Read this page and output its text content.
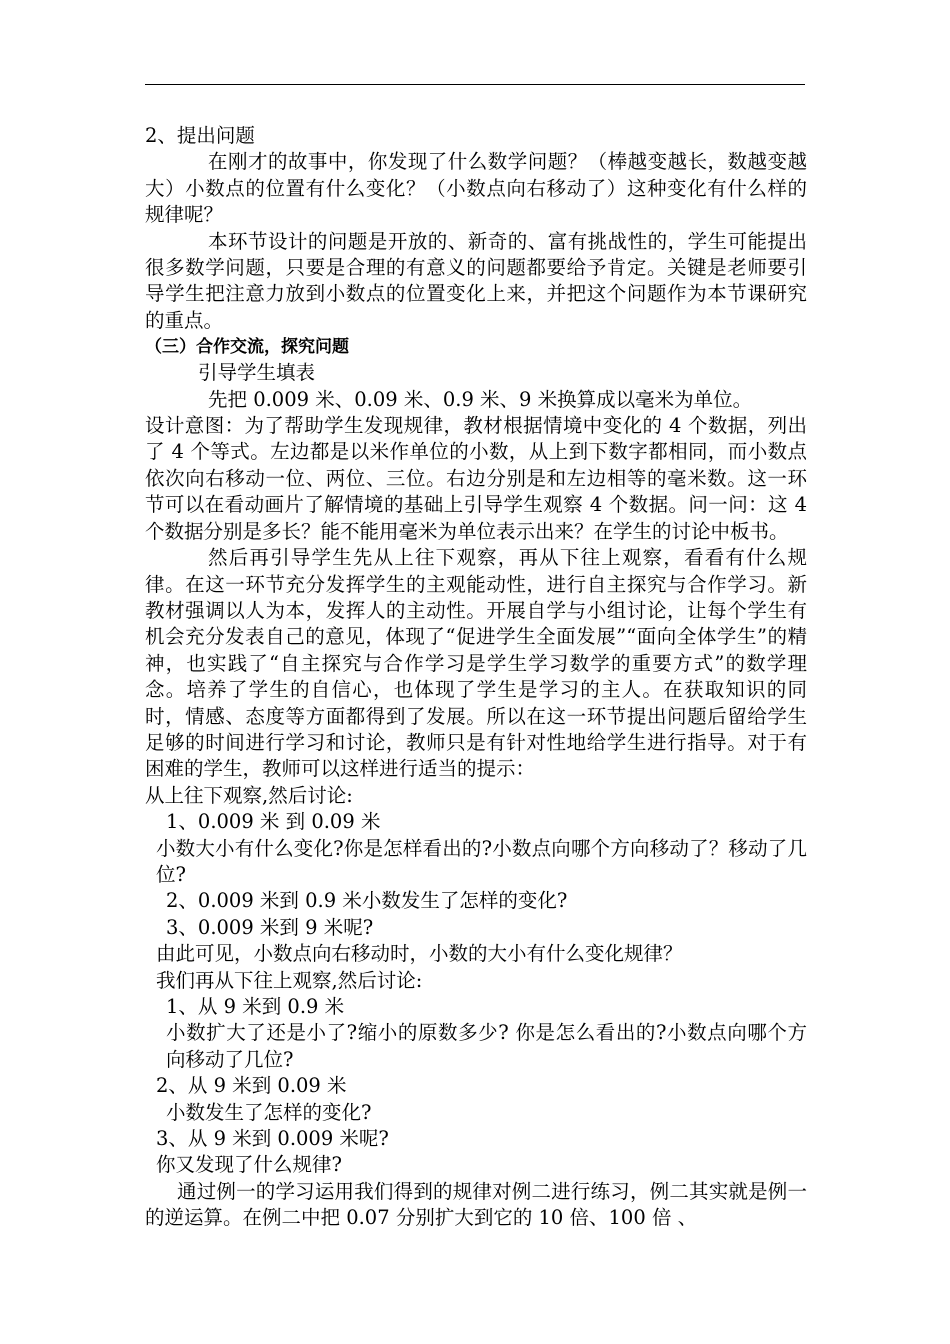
2、提出问题

在刚才的故事中，你发现了什么数学问题？（棒越变越长，数越变越大）小数点的位置有什么变化？（小数点向右移动了）这种变化有什么样的规律呢？

本环节设计的问题是开放的、新奇的、富有挑战性的，学生可能提出很多数学问题，只要是合理的有意义的问题都要给予肯定。关键是老师要引导学生把注意力放到小数点的位置变化上来，并把这个问题作为本节课研究的重点。

（三）合作交流，探究问题

引导学生填表

先把 0.009 米、0.09 米、0.9 米、9 米换算成以毫米为单位。

设计意图：为了帮助学生发现规律，教材根据情境中变化的 4 个数据，列出了 4 个等式。左边都是以米作单位的小数，从上到下数字都相同，而小数点依次向右移动一位、两位、三位。右边分别是和左边相等的毫米数。这一环节可以在看动画片了解情境的基础上引导学生观察 4 个数据。问一问：这 4 个数据分别是多长？能不能用毫米为单位表示出来？在学生的讨论中板书。

然后再引导学生先从上往下观察，再从下往上观察，看看有什么规律。在这一环节充分发挥学生的主观能动性，进行自主探究与合作学习。新教材强调以人为本，发挥人的主动性。开展自学与小组讨论，让每个学生有机会充分发表自己的意见，体现了“促进学生全面发展”“面向全体学生”的精神，也实践了“自主探究与合作学习是学生学习数学的重要方式”的数学理念。培养了学生的自信心，也体现了学生是学习的主人。在获取知识的同时，情感、态度等方面都得到了发展。所以在这一环节提出问题后留给学生足够的时间进行学习和讨论，教师只是有针对性地给学生进行指导。对于有困难的学生，教师可以这样进行适当的提示：

从上往下观察,然后讨论:

1、0.009 米 到 0.09 米

小数大小有什么变化?你是怎样看出的?小数点向哪个方向移动了？移动了几位?

2、0.009 米到 0.9 米小数发生了怎样的变化?

3、0.009 米到 9 米呢?

由此可见，小数点向右移动时，小数的大小有什么变化规律？

我们再从下往上观察,然后讨论:

1、从 9 米到 0.9 米

小数扩大了还是小了?缩小的原数多少? 你是怎么看出的?小数点向哪个方向移动了几位?

2、从 9 米到 0.09 米

小数发生了怎样的变化?

3、从 9 米到 0.009 米呢?

你又发现了什么规律?

通过例一的学习运用我们得到的规律对例二进行练习，例二其实就是例一的逆运算。在例二中把 0.07 分别扩大到它的 10 倍、100 倍 、
